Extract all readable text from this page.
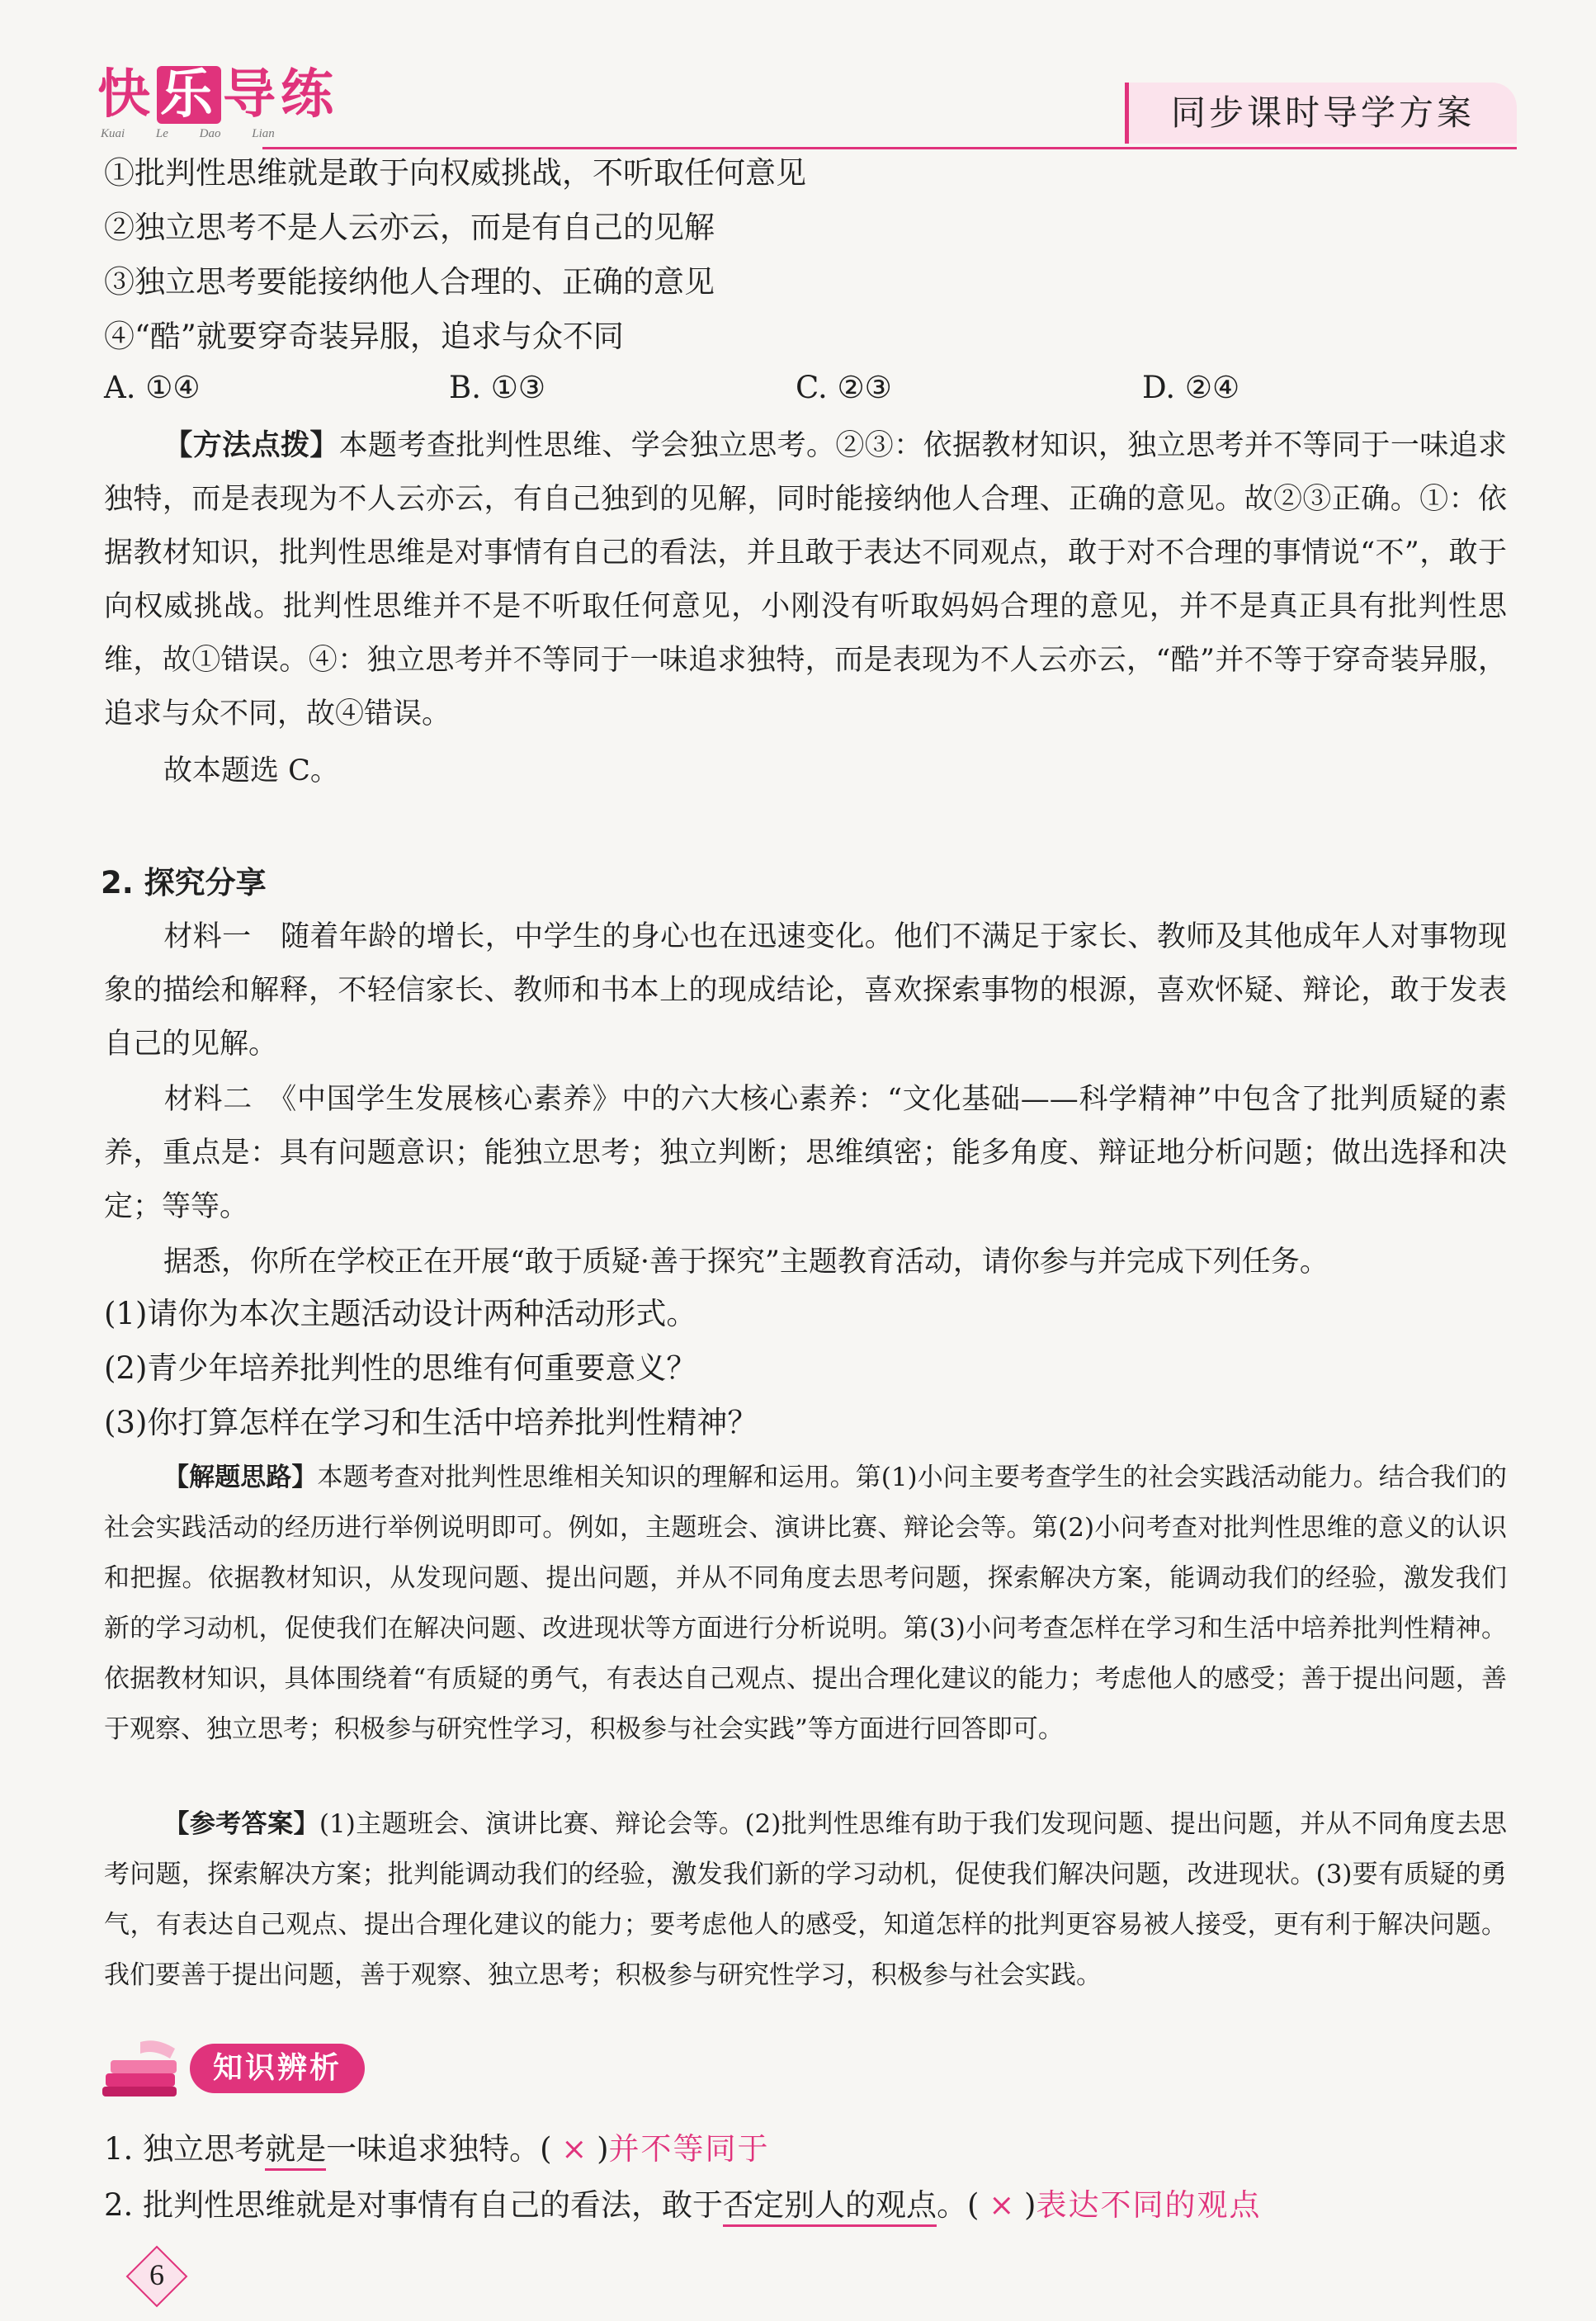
快乐导练
Kuai Le Dao Lian
同步课时导学方案
①批判性思维就是敢于向权威挑战，不听取任何意见
②独立思考不是人云亦云，而是有自己的见解
③独立思考要能接纳他人合理的、正确的意见
④“酷”就要穿奇装异服，追求与众不同
A. ①④	B. ①③	C. ②③	D. ②④
【方法点拨】本题考查批判性思维、学会独立思考。②③：依据教材知识，独立思考并不等同于一味追求独特，而是表现为不人云亦云，有自己独到的见解，同时能接纳他人合理、正确的意见。故②③正确。①：依据教材知识，批判性思维是对事情有自己的看法，并且敢于表达不同观点，敢于对不合理的事情说“不”，敢于向权威挑战。批判性思维并不是不听取任何意见，小刚没有听取妈妈合理的意见，并不是真正具有批判性思维，故①错误。④：独立思考并不等同于一味追求独特，而是表现为不人云亦云，“酷”并不等于穿奇装异服，追求与众不同，故④错误。
故本题选 C。
2. 探究分享
材料一　随着年龄的增长，中学生的身心也在迅速变化。他们不满足于家长、教师及其他成年人对事物现象的描绘和解释，不轻信家长、教师和书本上的现成结论，喜欢探索事物的根源，喜欢怀疑、辩论，敢于发表自己的见解。
材料二　《中国学生发展核心素养》中的六大核心素养：“文化基础——科学精神”中包含了批判质疑的素养，重点是：具有问题意识；能独立思考；独立判断；思维缜密；能多角度、辩证地分析问题；做出选择和决定；等等。
据悉，你所在学校正在开展“敢于质疑·善于探究”主题教育活动，请你参与并完成下列任务。
(1)请你为本次主题活动设计两种活动形式。
(2)青少年培养批判性的思维有何重要意义？
(3)你打算怎样在学习和生活中培养批判性精神？
【解题思路】本题考查对批判性思维相关知识的理解和运用。第(1)小问主要考查学生的社会实践活动能力。结合我们的社会实践活动的经历进行举例说明即可。例如，主题班会、演讲比赛、辩论会等。第(2)小问考查对批判性思维的意义的认识和把握。依据教材知识，从发现问题、提出问题，并从不同角度去思考问题，探索解决方案，能调动我们的经验，激发我们新的学习动机，促使我们在解决问题、改进现状等方面进行分析说明。第(3)小问考查怎样在学习和生活中培养批判性精神。依据教材知识，具体围绕着“有质疑的勇气，有表达自己观点、提出合理化建议的能力；考虑他人的感受；善于提出问题，善于观察、独立思考；积极参与研究性学习，积极参与社会实践”等方面进行回答即可。
【参考答案】(1)主题班会、演讲比赛、辩论会等。(2)批判性思维有助于我们发现问题、提出问题，并从不同角度去思考问题，探索解决方案；批判能调动我们的经验，激发我们新的学习动机，促使我们解决问题，改进现状。(3)要有质疑的勇气，有表达自己观点、提出合理化建议的能力；要考虑他人的感受，知道怎样的批判更容易被人接受，更有利于解决问题。我们要善于提出问题，善于观察、独立思考；积极参与研究性学习，积极参与社会实践。
知识辨析
1. 独立思考就是一味追求独特。( × )并不等同于
2. 批判性思维就是对事情有自己的看法，敢于否定别人的观点。( × )表达不同的观点
6
